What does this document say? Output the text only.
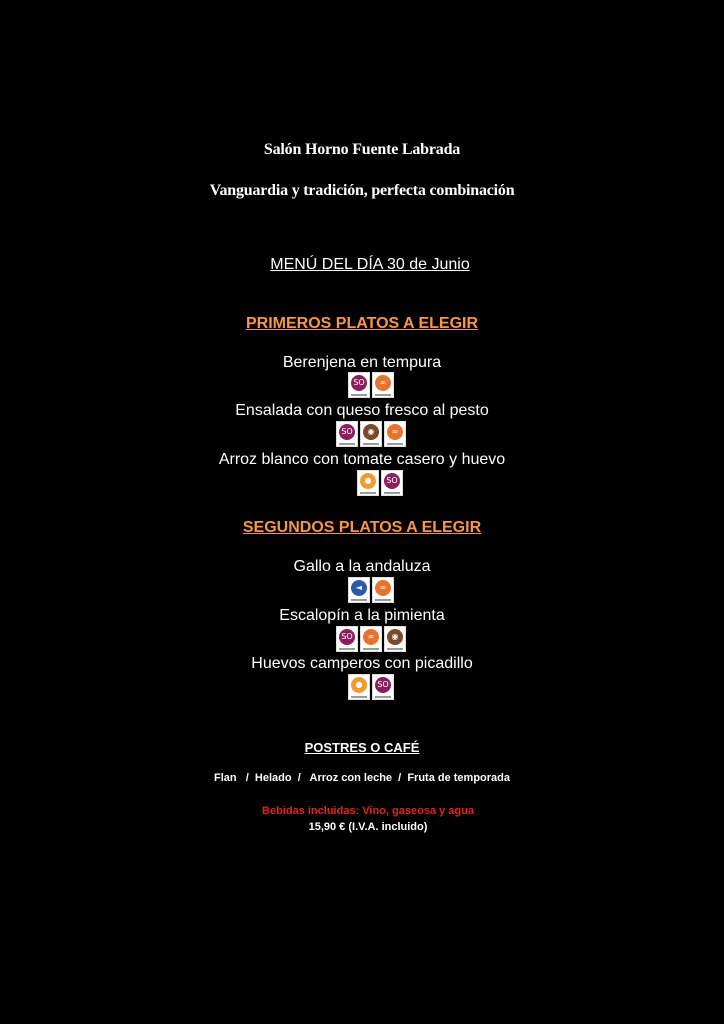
Salón Horno Fuente Labrada
Vanguardia y tradición, perfecta combinación
MENÚ DEL DÍA 30 de Junio
PRIMEROS PLATOS A ELEGIR
Berenjena en tempura
SO	∞
Ensalada con queso fresco al pesto
SO	◉	∞
Arroz blanco con tomate casero y huevo
●	SO
SEGUNDOS PLATOS A ELEGIR
Gallo a la andaluza
◄	∞
Escalopín a la pimienta
SO	∞	◉
Huevos camperos con picadillo
●	SO
POSTRES O CAFÉ
Flan   /  Helado  /   Arroz con leche  /  Fruta de temporada
Bebidas incluidas: Vino, gaseosa y agua
15,90 € (I.V.A. incluido)
